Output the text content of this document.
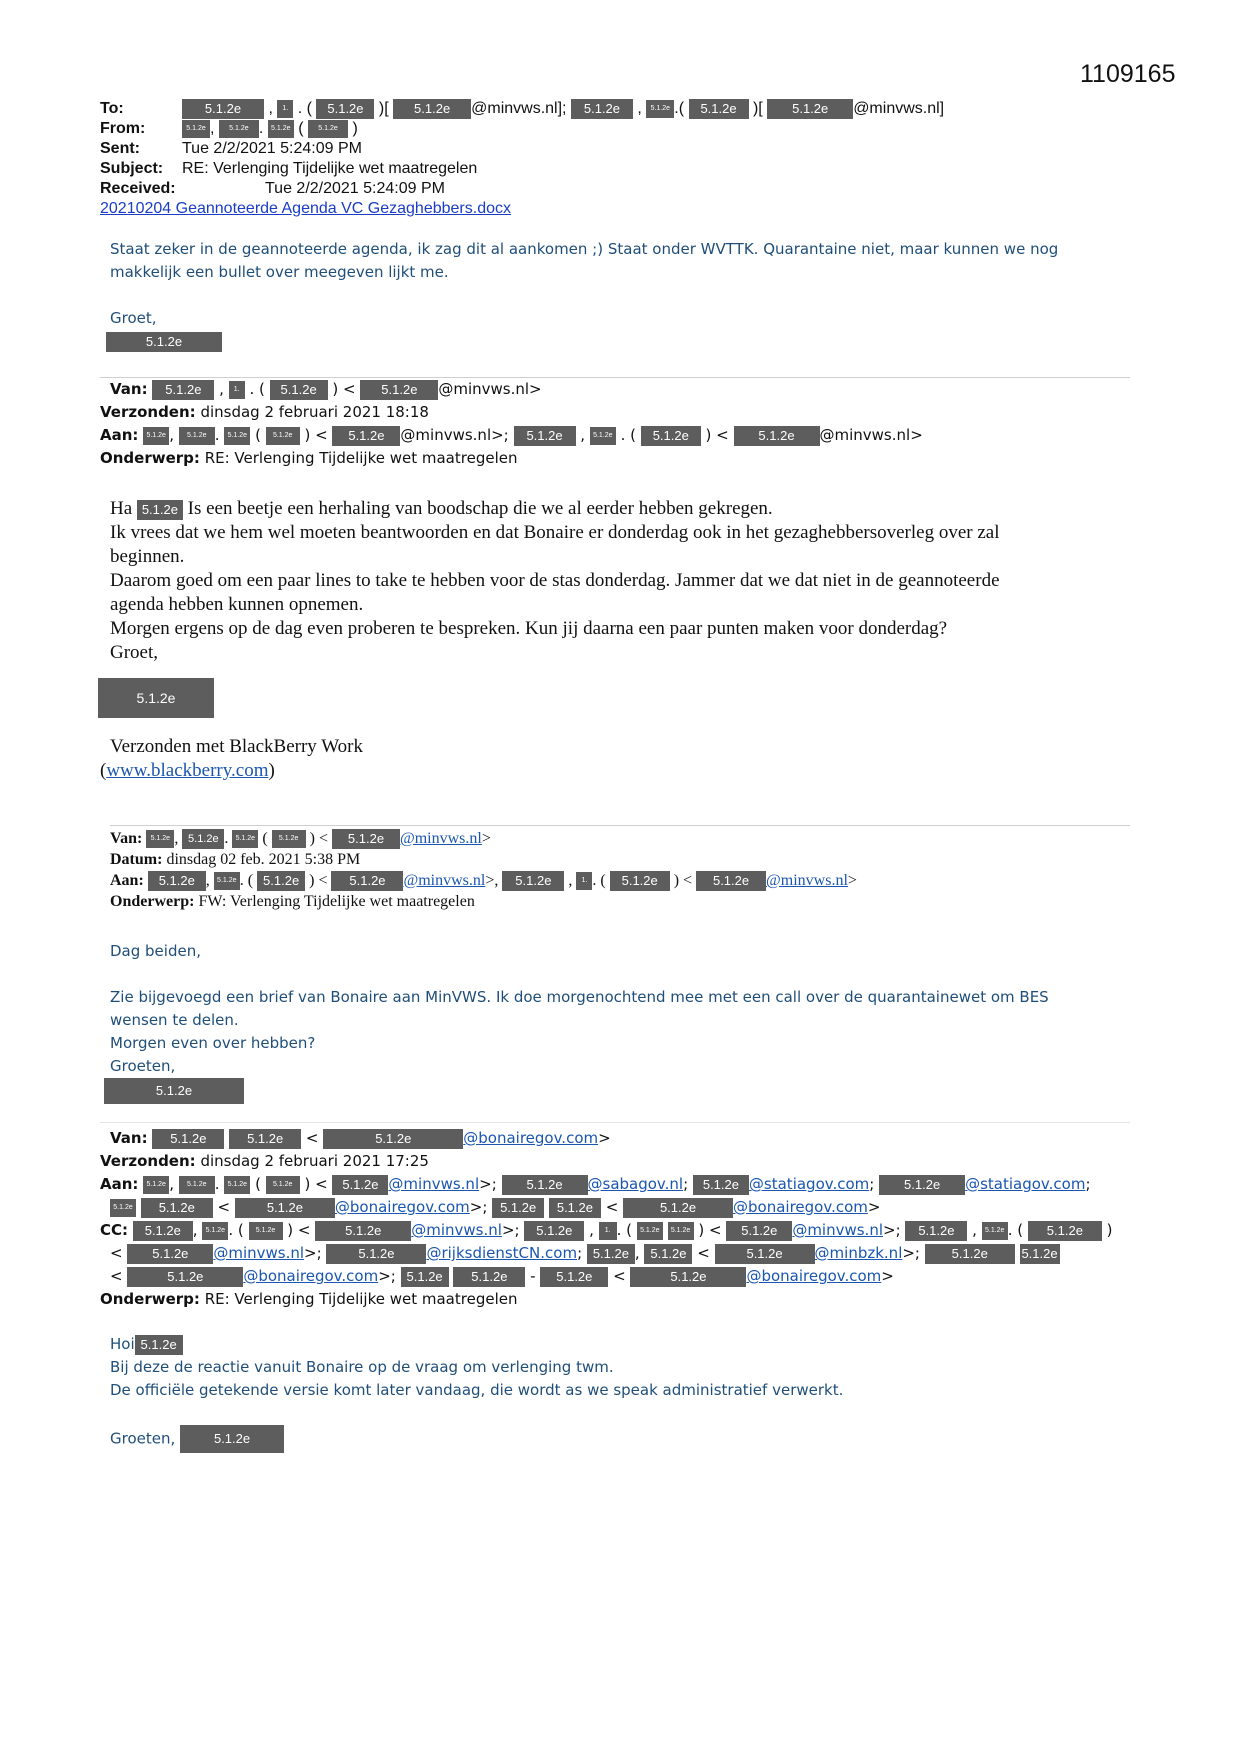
1109165
To:	5.1.2e , 1. . ( 5.1.2e )[ 5.1.2e @minvws.nl]; 5.1.2e , 5.1.2e .( 5.1.2e )[ 5.1.2e @minvws.nl]
From:	5.1.2e , 5.1.2e . 5.1.2e ( 5.1.2e )
Sent:	Tue 2/2/2021 5:24:09 PM
Subject: RE: Verlenging Tijdelijke wet maatregelen
Received:	Tue 2/2/2021 5:24:09 PM
20210204 Geannoteerde Agenda VC Gezaghebbers.docx
Staat zeker in de geannoteerde agenda, ik zag dit al aankomen ;) Staat onder WVTTK. Quarantaine niet, maar kunnen we nog
makkelijk een bullet over meegeven lijkt me.
Groet,
5.1.2e
Van: 5.1.2e , 1. . ( 5.1.2e ) < 5.1.2e @minvws.nl>
Verzonden: dinsdag 2 februari 2021 18:18
Aan: 5.1.2e , 5.1.2e . 5.1.2e ( 5.1.2e ) < 5.1.2e @minvws.nl>; 5.1.2e , 5.1.2e . ( 5.1.2e ) < 5.1.2e @minvws.nl>
Onderwerp: RE: Verlenging Tijdelijke wet maatregelen
Ha 5.1.2e Is een beetje een herhaling van boodschap die we al eerder hebben gekregen.
Ik vrees dat we hem wel moeten beantwoorden en dat Bonaire er donderdag ook in het gezaghebbersoverleg over zal
beginnen.
Daarom goed om een paar lines to take te hebben voor de stas donderdag. Jammer dat we dat niet in de geannoteerde
agenda hebben kunnen opnemen.
Morgen ergens op de dag even proberen te bespreken. Kun jij daarna een paar punten maken voor donderdag?
Groet,
5.1.2e
Verzonden met BlackBerry Work
(www.blackberry.com)
Van: 5.1.2e , 5.1.2e . 5.1.2e ( 5.1.2e ) < 5.1.2e @minvws.nl>
Datum: dinsdag 02 feb. 2021 5:38 PM
Aan: 5.1.2e , 5.1.2e . ( 5.1.2e ) < 5.1.2e @minvws.nl>, 5.1.2e , 1. . ( 5.1.2e ) < 5.1.2e @minvws.nl>
Onderwerp: FW: Verlenging Tijdelijke wet maatregelen
Dag beiden,
Zie bijgevoegd een brief van Bonaire aan MinVWS. Ik doe morgenochtend mee met een call over de quarantainewet om BES
wensen te delen.
Morgen even over hebben?
Groeten,
5.1.2e
Van: 5.1.2e	5.1.2e <	5.1.2e	@bonairegov.com>
Verzonden: dinsdag 2 februari 2021 17:25
Aan: 5.1.2e , 5.1.2e . 5.1.2e ( 5.1.2e ) < 5.1.2e @minvws.nl>; 5.1.2e @sabagov.nl; 5.1.2e @statiagov.com; 5.1.2e @statiagov.com;
5.1.2e 5.1.2e < 5.1.2e @bonairegov.com>; 5.1.2e 5.1.2e <	5.1.2e @bonairegov.com>
CC: 5.1.2e , 5.1.2e . ( 5.1.2e ) < 5.1.2e @minvws.nl>; 5.1.2e , 1. . ( 5.1.2e 5.1.2e ) < 5.1.2e @minvws.nl>; 5.1.2e , 5.1.2e . ( 5.1.2e )
< 5.1.2e @minvws.nl>; 5.1.2e @rijksdienstCN.com; 5.1.2e , 5.1.2e < 5.1.2e @minbzk.nl>; 5.1.2e	5.1.2e
<	5.1.2e	@bonairegov.com>; 5.1.2e 5.1.2e - 5.1.2e <	5.1.2e	@bonairegov.com>
Onderwerp: RE: Verlenging Tijdelijke wet maatregelen
Hoi 5.1.2e
Bij deze de reactie vanuit Bonaire op de vraag om verlenging twm.
De officiële getekende versie komt later vandaag, die wordt as we speak administratief verwerkt.
Groeten,	5.1.2e
